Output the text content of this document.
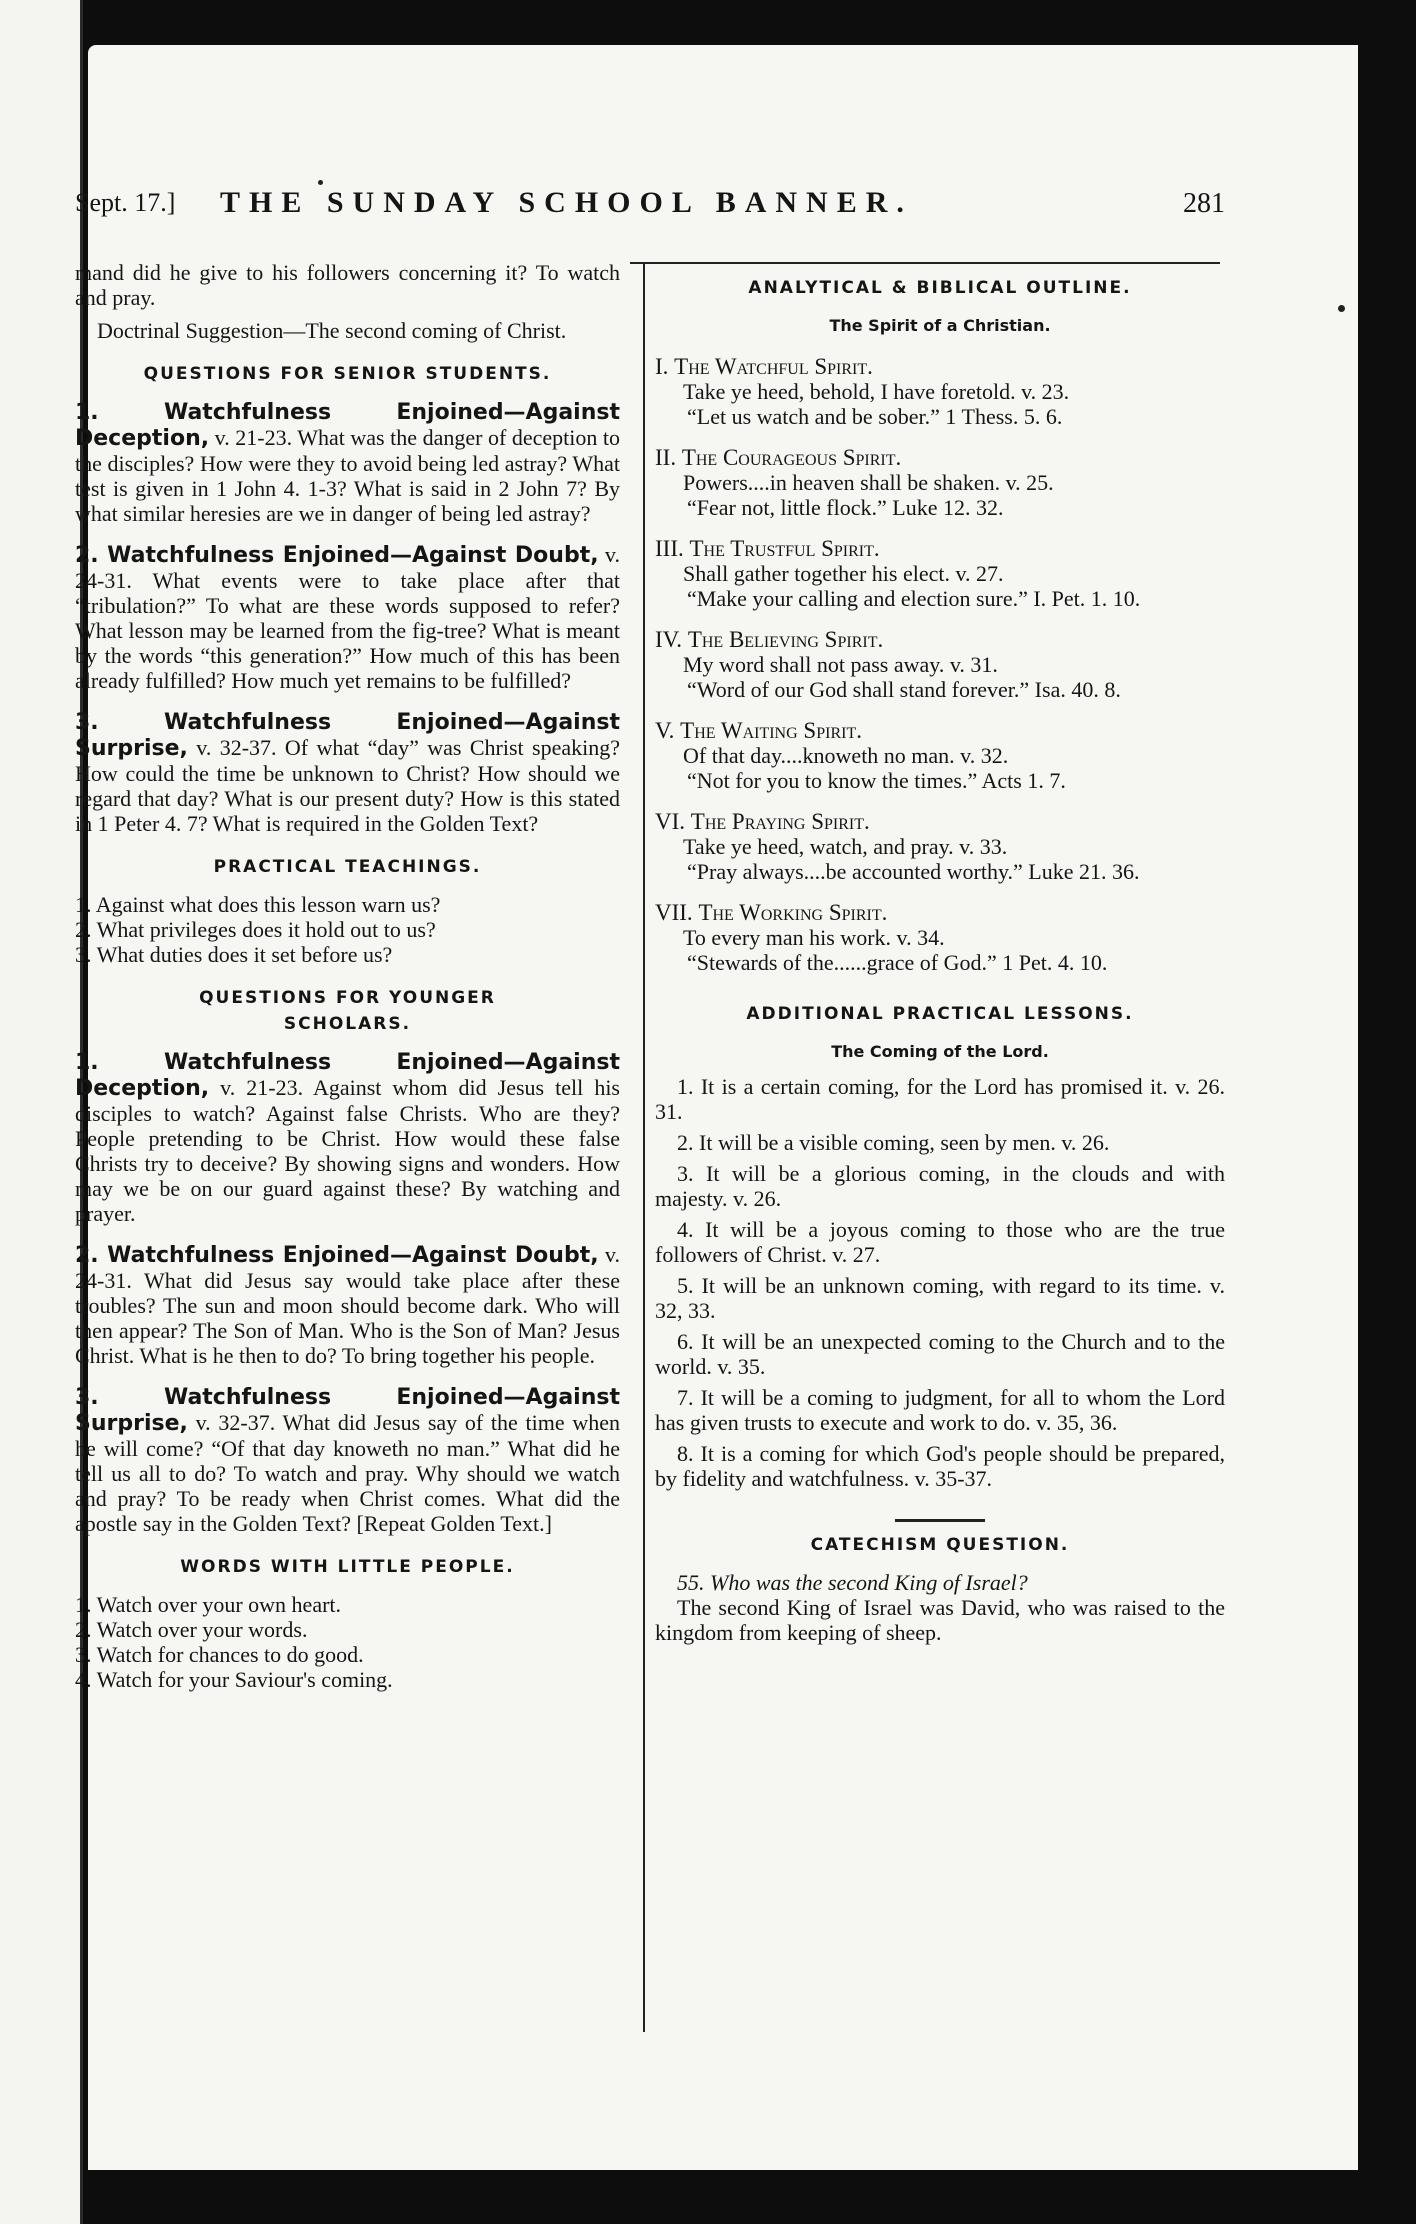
Sept. 17.] THE SUNDAY SCHOOL BANNER.	281

mand did he give to his followers concerning it? To watch and pray.

Doctrinal Suggestion—The second coming of Christ.

QUESTIONS FOR SENIOR STUDENTS.
1. Watchfulness Enjoined—Against Deception, v. 21-23. What was the danger of deception to the disciples? How were they to avoid being led astray? What test is given in 1 John 4. 1-3? What is said in 2 John 7? By what similar heresies are we in danger of being led astray?
2. Watchfulness Enjoined—Against Doubt, v. 24-31. What events were to take place after that “tribulation?” To what are these words supposed to refer? What lesson may be learned from the fig-tree? What is meant by the words “this generation?” How much of this has been already fulfilled? How much yet remains to be fulfilled?
3. Watchfulness Enjoined—Against Surprise, v. 32-37. Of what “day” was Christ speaking? How could the time be unknown to Christ? How should we regard that day? What is our present duty? How is this stated in 1 Peter 4. 7? What is required in the Golden Text?
PRACTICAL TEACHINGS.
1. Against what does this lesson warn us?
2. What privileges does it hold out to us?
3. What duties does it set before us?
QUESTIONS FOR YOUNGER SCHOLARS.
1. Watchfulness Enjoined—Against Deception, v. 21-23. Against whom did Jesus tell his disciples to watch? Against false Christs. Who are they? People pretending to be Christ. How would these false Christs try to deceive? By showing signs and wonders. How may we be on our guard against these? By watching and prayer.
2. Watchfulness Enjoined—Against Doubt, v. 24-31. What did Jesus say would take place after these troubles? The sun and moon should become dark. Who will then appear? The Son of Man. Who is the Son of Man? Jesus Christ. What is he then to do? To bring together his people.
3. Watchfulness Enjoined—Against Surprise, v. 32-37. What did Jesus say of the time when he will come? “Of that day knoweth no man.” What did he tell us all to do? To watch and pray. Why should we watch and pray? To be ready when Christ comes. What did the apostle say in the Golden Text? [Repeat Golden Text.]
WORDS WITH LITTLE PEOPLE.
1. Watch over your own heart.
2. Watch over your words.
3. Watch for chances to do good.
4. Watch for your Saviour's coming.
ANALYTICAL & BIBLICAL OUTLINE.
The Spirit of a Christian.

I. The Watchful Spirit.

Take ye heed, behold, I have foretold. v. 23.

“Let us watch and be sober.” 1 Thess. 5. 6.

II. The Courageous Spirit.

Powers....in heaven shall be shaken. v. 25.

“Fear not, little flock.” Luke 12. 32.

III. The Trustful Spirit.

Shall gather together his elect. v. 27.

“Make your calling and election sure.” I. Pet. 1. 10.

IV. The Believing Spirit.

My word shall not pass away. v. 31.

“Word of our God shall stand forever.” Isa. 40. 8.

V. The Waiting Spirit.

Of that day....knoweth no man. v. 32.

“Not for you to know the times.” Acts 1. 7.

VI. The Praying Spirit.

Take ye heed, watch, and pray. v. 33.

“Pray always....be accounted worthy.” Luke 21. 36.

VII. The Working Spirit.

To every man his work. v. 34.

“Stewards of the......grace of God.” 1 Pet. 4. 10.

ADDITIONAL PRACTICAL LESSONS.
The Coming of the Lord.

1. It is a certain coming, for the Lord has promised it. v. 26. 31.

2. It will be a visible coming, seen by men. v. 26.

3. It will be a glorious coming, in the clouds and with majesty. v. 26.

4. It will be a joyous coming to those who are the true followers of Christ. v. 27.

5. It will be an unknown coming, with regard to its time. v. 32, 33.

6. It will be an unexpected coming to the Church and to the world. v. 35.

7. It will be a coming to judgment, for all to whom the Lord has given trusts to execute and work to do. v. 35, 36.

8. It is a coming for which God's people should be prepared, by fidelity and watchfulness. v. 35-37.

CATECHISM QUESTION.

55. Who was the second King of Israel?

The second King of Israel was David, who was raised to the kingdom from keeping of sheep.
